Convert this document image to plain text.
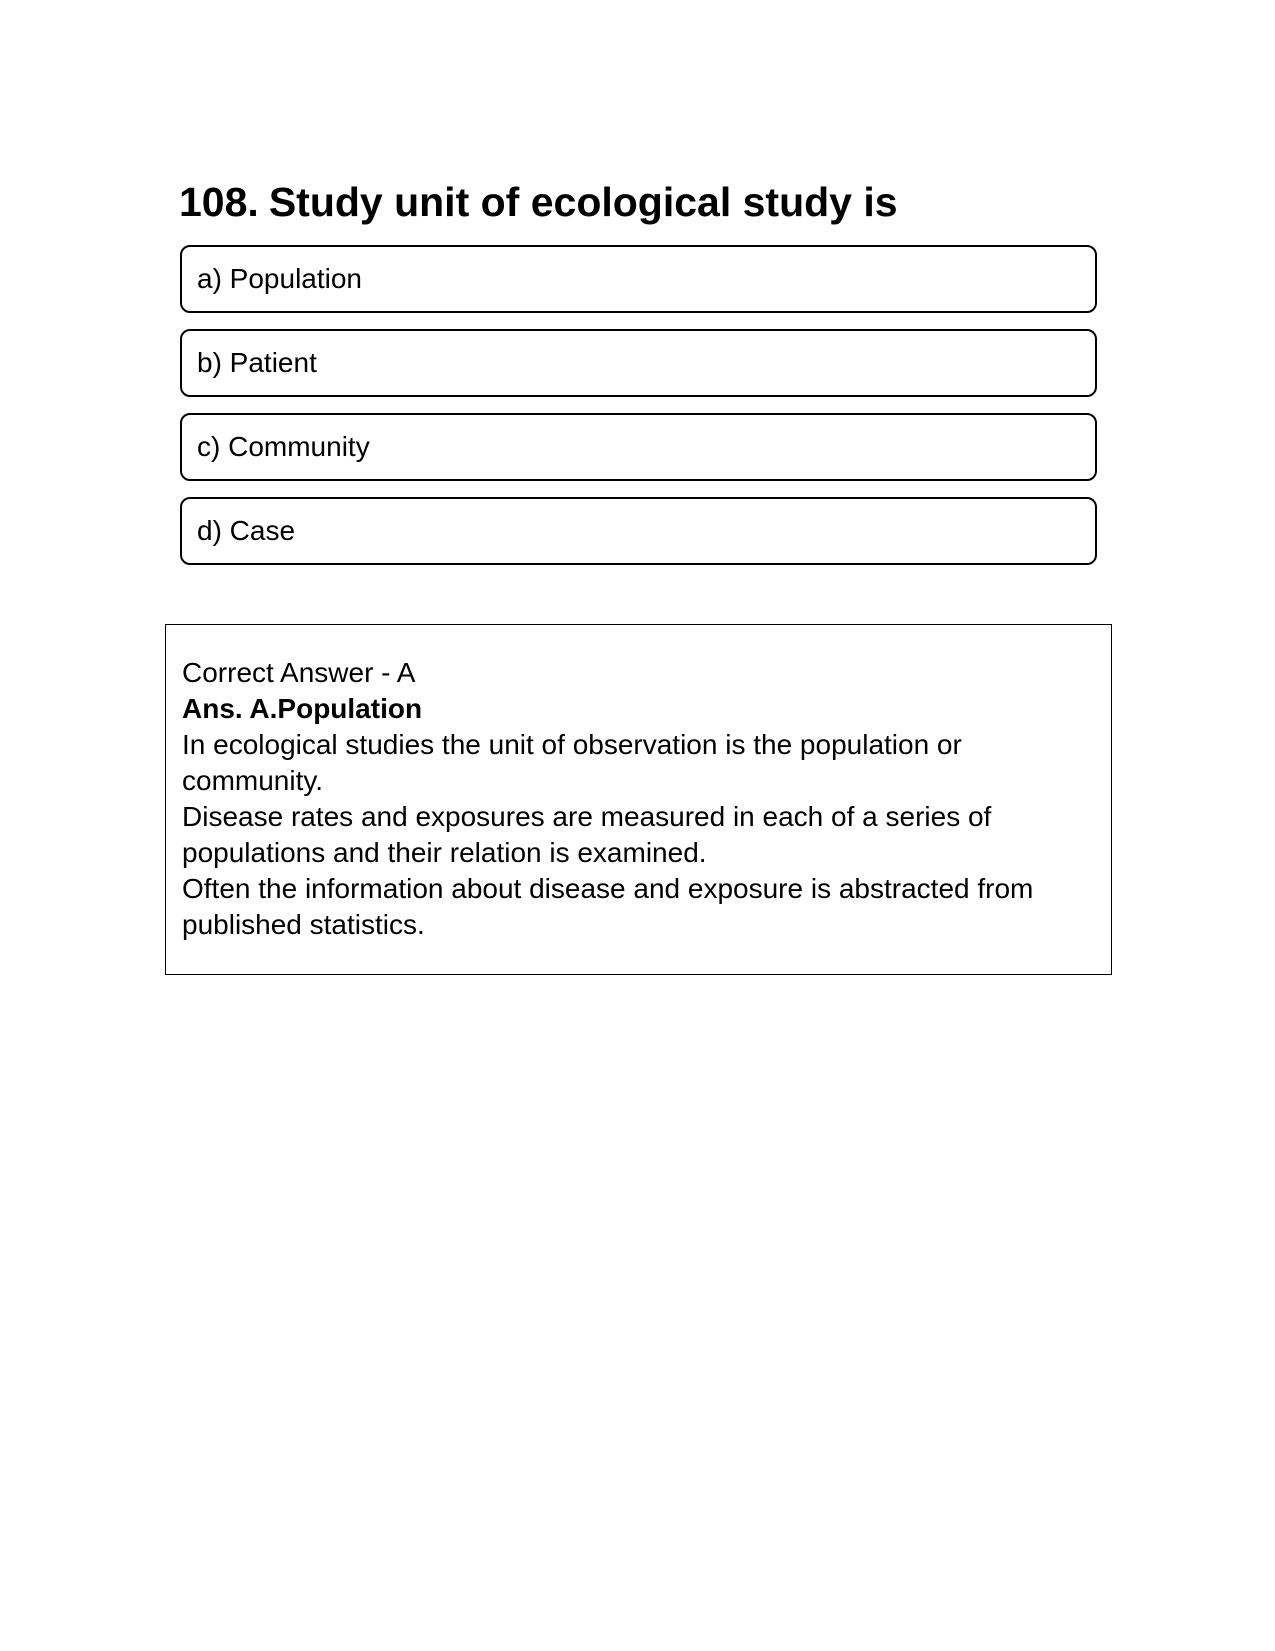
108. Study unit of ecological study is
a) Population
b) Patient
c) Community
d) Case

Correct Answer - A

Ans. A.Population

In ecological studies the unit of observation is the population or community.

Disease rates and exposures are measured in each of a series of populations and their relation is examined.

Often the information about disease and exposure is abstracted from published statistics.
